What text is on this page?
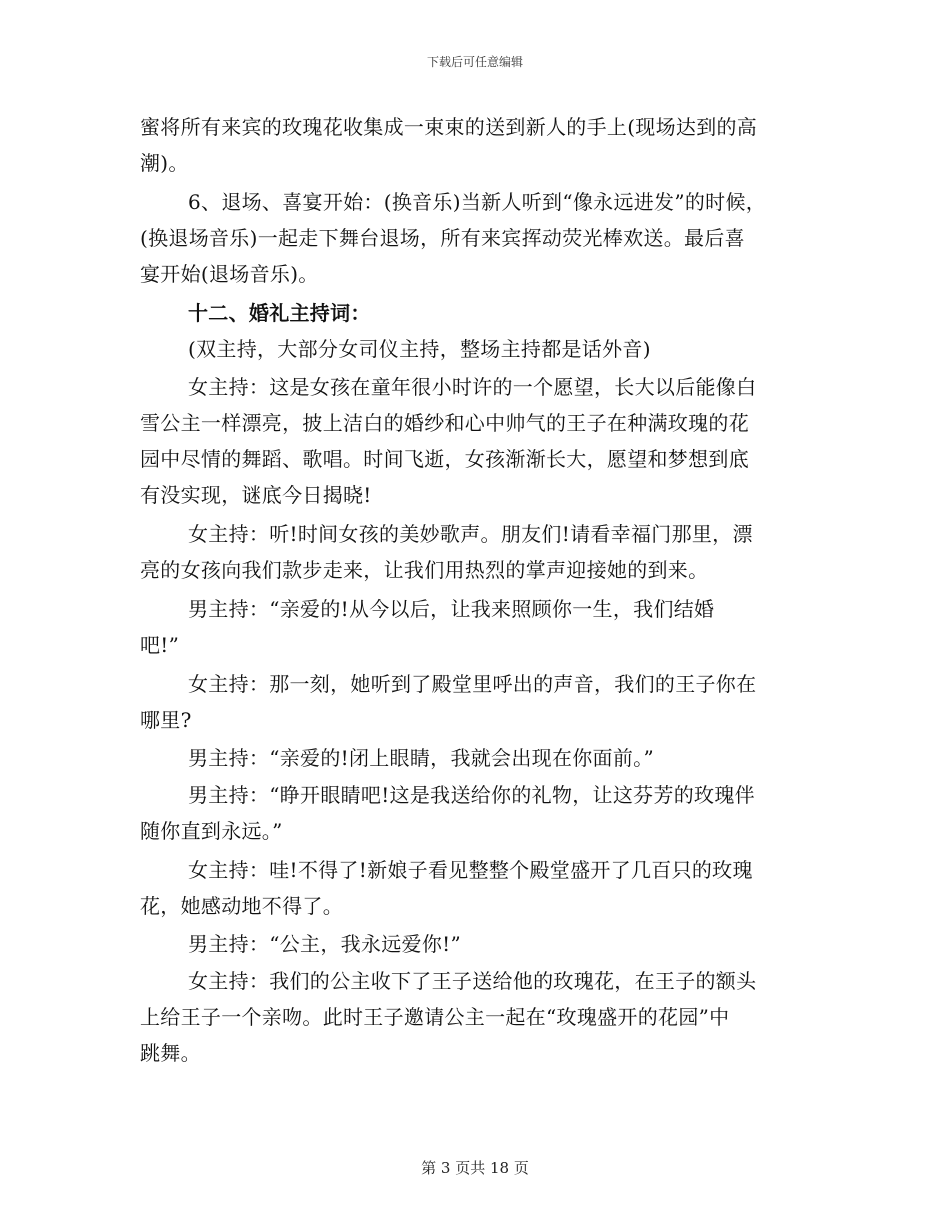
下载后可任意编辑
蜜将所有来宾的玫瑰花收集成一束束的送到新人的手上(现场达到的高
潮)。
6、退场、喜宴开始：(换音乐)当新人听到“像永远进发”的时候，
(换退场音乐)一起走下舞台退场，所有来宾挥动荧光棒欢送。最后喜
宴开始(退场音乐)。
十二、婚礼主持词：
(双主持，大部分女司仪主持，整场主持都是话外音)
女主持：这是女孩在童年很小时许的一个愿望，长大以后能像白
雪公主一样漂亮，披上洁白的婚纱和心中帅气的王子在种满玫瑰的花
园中尽情的舞蹈、歌唱。时间飞逝，女孩渐渐长大，愿望和梦想到底
有没实现，谜底今日揭晓!
女主持：听!时间女孩的美妙歌声。朋友们!请看幸福门那里，漂
亮的女孩向我们款步走来，让我们用热烈的掌声迎接她的到来。
男主持：“亲爱的!从今以后，让我来照顾你一生，我们结婚
吧!”
女主持：那一刻，她听到了殿堂里呼出的声音，我们的王子你在
哪里?
男主持：“亲爱的!闭上眼睛，我就会出现在你面前。”
男主持：“睁开眼睛吧!这是我送给你的礼物，让这芬芳的玫瑰伴
随你直到永远。”
女主持：哇!不得了!新娘子看见整整个殿堂盛开了几百只的玫瑰
花，她感动地不得了。
男主持：“公主，我永远爱你!”
女主持：我们的公主收下了王子送给他的玫瑰花，在王子的额头
上给王子一个亲吻。此时王子邀请公主一起在“玫瑰盛开的花园”中
跳舞。
第 3 页共 18 页
